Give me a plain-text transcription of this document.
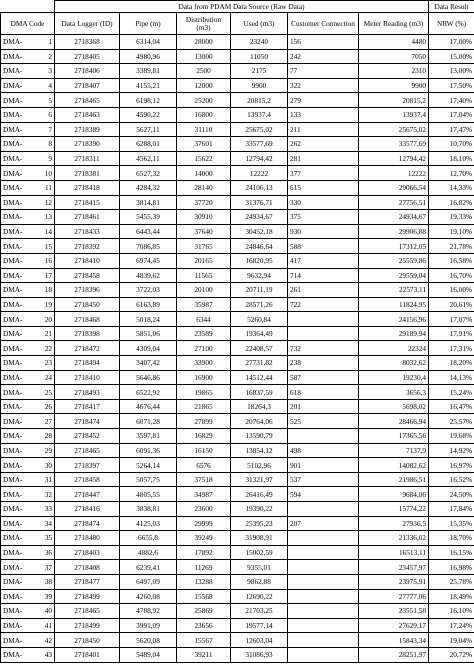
		Data from PDAM Data Source (Raw Data)						Data Result
DMA Code		Data Logger (ID)	Pipe (m)	Distribution (m3)	Used (m3)	Customer Connection	Meter Reading (m3)	NRW (%)
DMA-	1	2718368	6314,04	28000	23240	156	4480	17,00%
DMA-	2	2718405	4980,96	13000	11050	242	7050	15,00%
DMA-	3	2718406	3389,81	2500	2175	77	2310	13,00%
DMA-	4	2718407	4155,21	12000	9900	322	9900	17,50%
DMA-	5	2718465	6198,12	25200	20815,2	279	20815,2	17,40%
DMA-	6	2718463	4590,22	16800	13937,4	133	13937,4	17,04%
DMA-	7	2718389	5627,11	31110	25675,02	211	25675,02	17,47%
DMA-	8	2718390	6288,01	37601	33577,69	262	33577,69	10,70%
DMA-	9	2718311	4562,11	15622	12794,42	281	12794,42	18,10%
DMA-	10	2718381	6527,32	14000	12222	377	12222	12,70%
DMA-	11	2718418	4284,32	28140	24106,13	615	29066,54	14,33%
DMA-	12	2718415	3814,81	37720	31376,71	330	27756,51	16,82%
DMA-	13	2718461	5455,39	30910	24934,67	375	24934,67	19,33%
DMA-	14	2718433	6443,44	37640	30452,18	930	29906,88	19,10%
DMA-	15	2718392	7086,85	31765	24846,64	588	17312,05	21,78%
DMA-	16	2718410	6974,45	20165	16820,95	417	25559,86	16,58%
DMA-	17	2718458	4839,62	11565	9632,94	714	29559,04	16,70%
DMA-	18	2718396	3722,03	20100	20711,19	261	22573,11	16,00%
DMA-	19	2718450	6163,89	35987	28571,26	722	11824,95	20,61%
DMA-	20	2718468	5018,24	6344	5260,84		24156,96	17,07%
DMA-	21	2718398	5851,06	23589	19364,49		29189,94	17,91%
DMA-	22	2718472	4309,04	27100	22408,57	732	22324	17,31%
DMA-	23	2718494	3407,42	33900	27731,82	238	8032,62	18,20%
DMA-	24	2718410	5646,86	16900	14512,44	587	19230,4	14,13%
DMA-	25	2718493	6522,92	19865	16837,59	618	3656,3	15,24%
DMA-	26	2718417	4676,44	21865	18264,3	201	5698,02	16,47%
DMA-	27	2718474	6071,28	27899	20764,06	525	28466,94	25,57%
DMA-	28	2718452	3597,81	16829	13590,79		17365,56	19,68%
DMA-	29	2718465	6091,36	16150	13854,12	498	7137,9	14,92%
DMA-	30	2718397	5264,14	6576	5102,96	901	14082,62	16,97%
DMA-	31	2718458	5057,75	37518	31321,97	537	21986,51	16,52%
DMA-	32	2718447	4805,55	34987	26416,49	594	9684,06	24,50%
DMA-	33	2718416	3838,81	23600	19390,22		15774,22	17,84%
DMA-	34	2718474	4125,03	29999	25395,23	207	27936,5	15,35%
DMA-	35	2718480	6655,8	39249	31908,91		21336,02	18,70%
DMA-	36	2718403	4882,6	17892	15002,59		16513,11	16,15%
DMA-	37	2718408	6239,41	11269	9355,01		23457,97	16,98%
DMA-	38	2718477	6497,09	13288	9862,88		23975,91	25,78%
DMA-	39	2718499	4260,08	15568	12690,22		27777,06	18,49%
DMA-	40	2718465	4788,92	25869	21703,25		23551,58	16,10%
DMA-	41	2718499	3991,09	23656	19577,14		27629,17	17,24%
DMA-	42	2718450	5620,08	15567	12603,04		15843,34	19,04%
DMA-	43	2718401	5489,04	39211	31086,93		28251,97	20,72%
